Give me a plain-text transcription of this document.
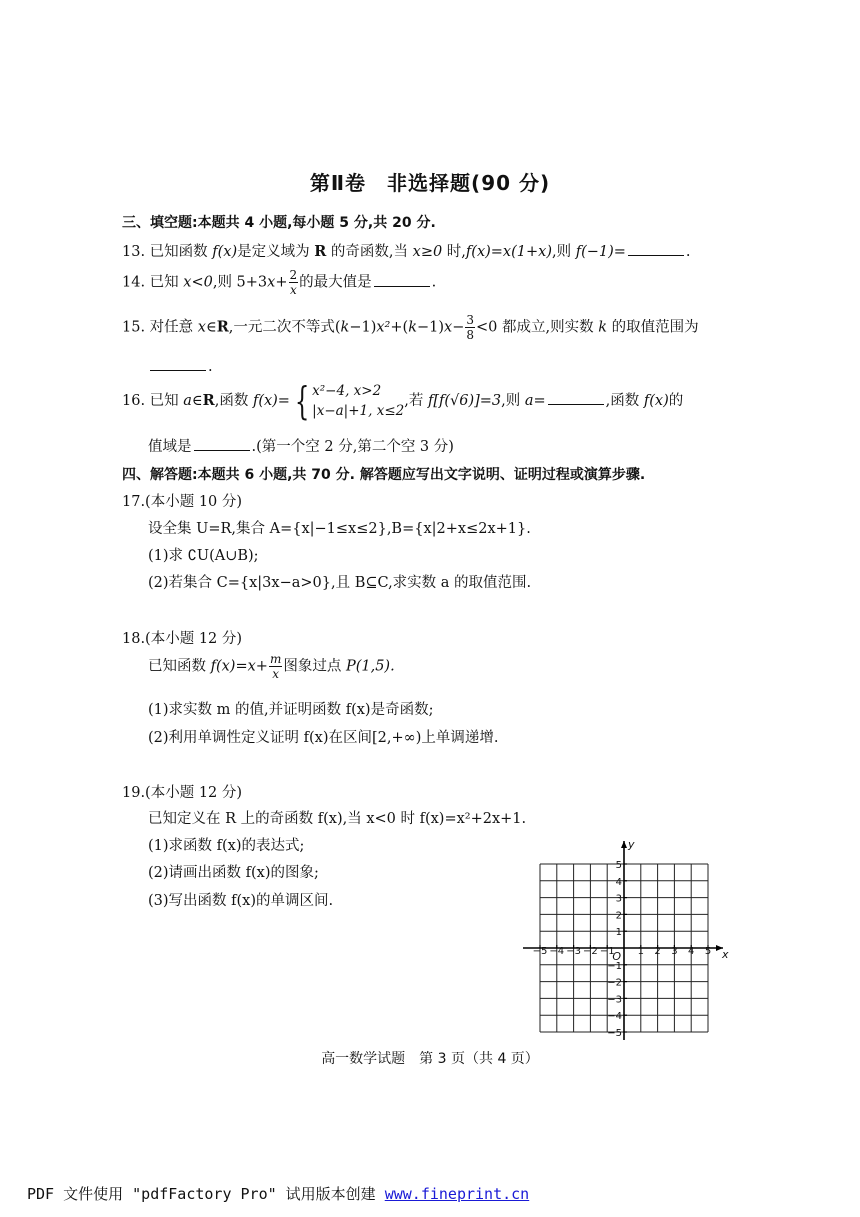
第Ⅱ卷　非选择题(90 分)
三、填空题:本题共 4 小题,每小题 5 分,共 20 分.
13. 已知函数 f(x)是定义域为 R 的奇函数,当 x≥0 时,f(x)=x(1+x),则 f(−1)=	.
14. 已知 x<0,则 $5+3x+ \frac{2}{x}$ 的最大值是	.
15. 对任意 x∈R,一元二次不等式$(k-1)x^2+(k-1)x- \frac{3}{8} <0$ 都成立,则实数 k 的取值范围为
.
16. 已知 a∈R,函数 f(x)= { x²−4, x>2
|x−a|+1, x≤2
,若 f[f(√6)]=3,则 a=	,函数 f(x)的
值域是	.(第一个空 2 分,第二个空 3 分)
四、解答题:本题共 6 小题,共 70 分. 解答题应写出文字说明、证明过程或演算步骤.
17.(本小题 10 分)
设全集 U=R,集合 A={x|−1≤x≤2},B={x|2+x≤2x+1}.
(1)求 ∁U(A∪B);
(2)若集合 C={x|3x−a>0},且 B⊆C,求实数 a 的取值范围.
18.(本小题 12 分)
已知函数 $f(x)=x+ \frac{m}{x}$ 图象过点 P(1,5).
(1)求实数 m 的值,并证明函数 f(x)是奇函数;
(2)利用单调性定义证明 f(x)在区间[2,+∞)上单调递增.
19.(本小题 12 分)
已知定义在 R 上的奇函数 f(x),当 x<0 时 f(x)=x²+2x+1.
(1)求函数 f(x)的表达式;
(2)请画出函数 f(x)的图象;
(3)写出函数 f(x)的单调区间.
−5 −4 −3 −2 −1 1 2 3 4 5
5
4
3
2
1
−1
−2
−3
−4
−5
O	x
y
高一数学试题　第 3 页（共 4 页）
PDF 文件使用 "pdfFactory Pro" 试用版本创建 www.fineprint.cn
